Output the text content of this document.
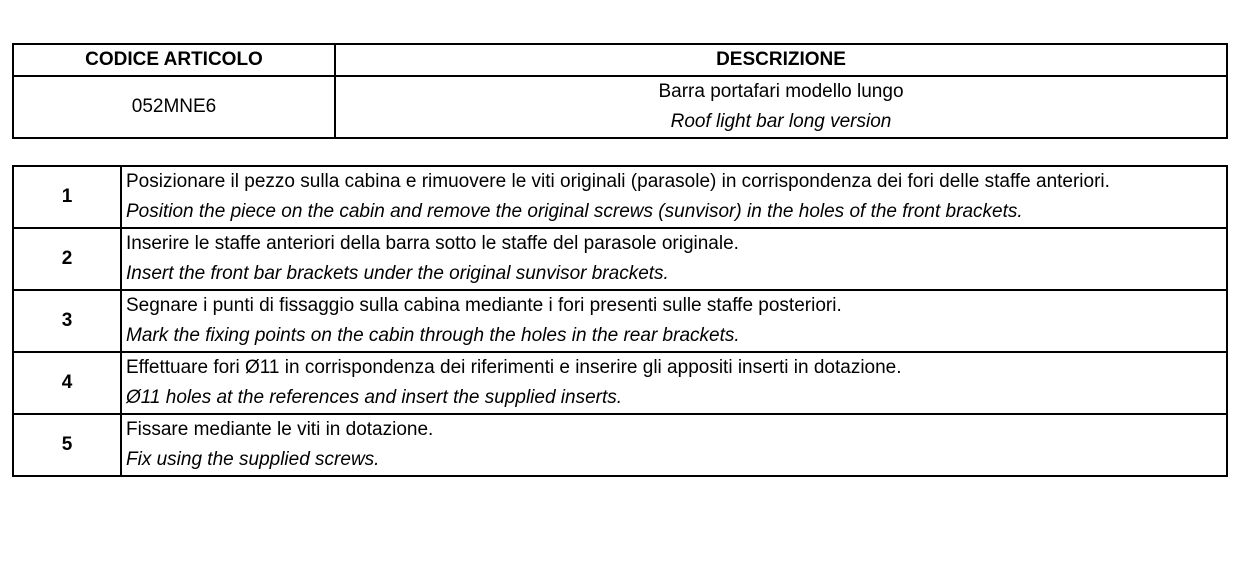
CODICE ARTICOLO	DESCRIZIONE
052MNE6	Barra portafari modello lungo
Roof light bar long version
1	Posizionare il pezzo sulla cabina e rimuovere le viti originali (parasole) in corrispondenza dei fori delle staffe anteriori.
Position the piece on the cabin and remove the original screws (sunvisor) in the holes of the front brackets.

2	Inserire le staffe anteriori della barra sotto le staffe del parasole originale.
Insert the front bar brackets under the original sunvisor brackets.

3	Segnare i punti di fissaggio sulla cabina mediante i fori presenti sulle staffe posteriori.
Mark the fixing points on the cabin through the holes in the rear brackets.

4	Effettuare fori Ø11 in corrispondenza dei riferimenti e inserire gli appositi inserti in dotazione.
Ø11 holes at the references and insert the supplied inserts.

5	Fissare mediante le viti in dotazione.
Fix using the supplied screws.
